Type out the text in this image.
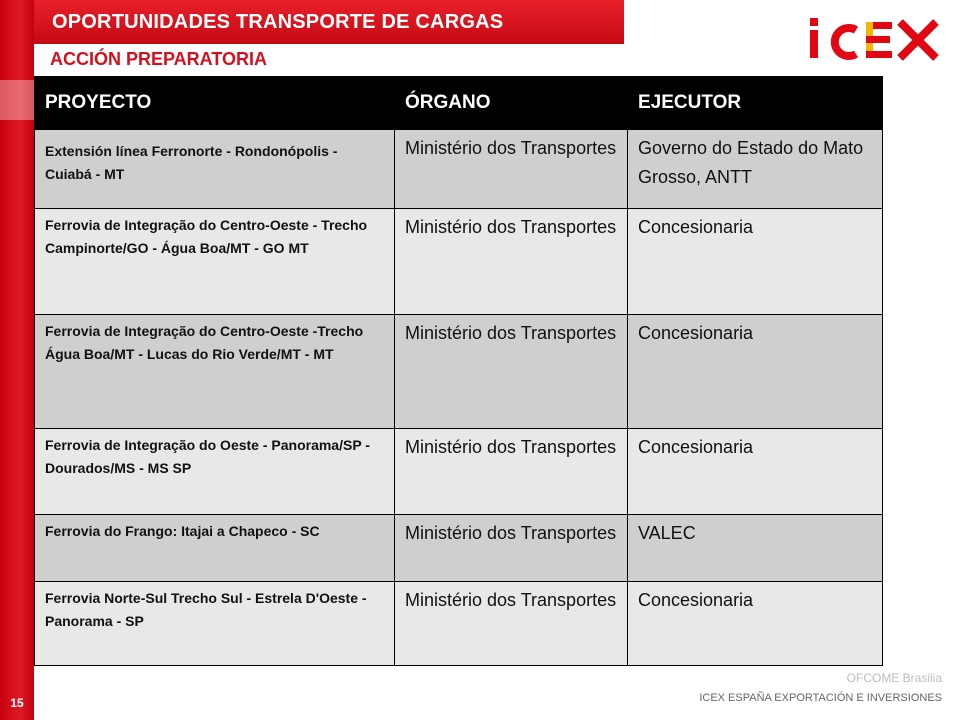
15
OPORTUNIDADES TRANSPORTE DE CARGAS
ACCIÓN PREPARATORIA
PROYECTO	ÓRGANO	EJECUTOR
Extensión línea Ferronorte - Rondonópolis - Cuiabá - MT	Ministério dos Transportes	Governo do Estado do Mato Grosso, ANTT
Ferrovia de Integração do Centro-Oeste - Trecho Campinorte/GO - Água Boa/MT - GO MT	Ministério dos Transportes	Concesionaria
Ferrovia de Integração do Centro-Oeste -Trecho Água Boa/MT - Lucas do Rio Verde/MT - MT	Ministério dos Transportes	Concesionaria
Ferrovia de Integração do Oeste - Panorama/SP - Dourados/MS - MS SP	Ministério dos Transportes	Concesionaria
Ferrovia do Frango: Itajai a Chapeco - SC	Ministério dos Transportes	VALEC
Ferrovia Norte-Sul Trecho Sul - Estrela D'Oeste - Panorama - SP	Ministério dos Transportes	Concesionaria
OFCOME Brasilia
ICEX ESPAÑA EXPORTACIÓN E INVERSIONES
